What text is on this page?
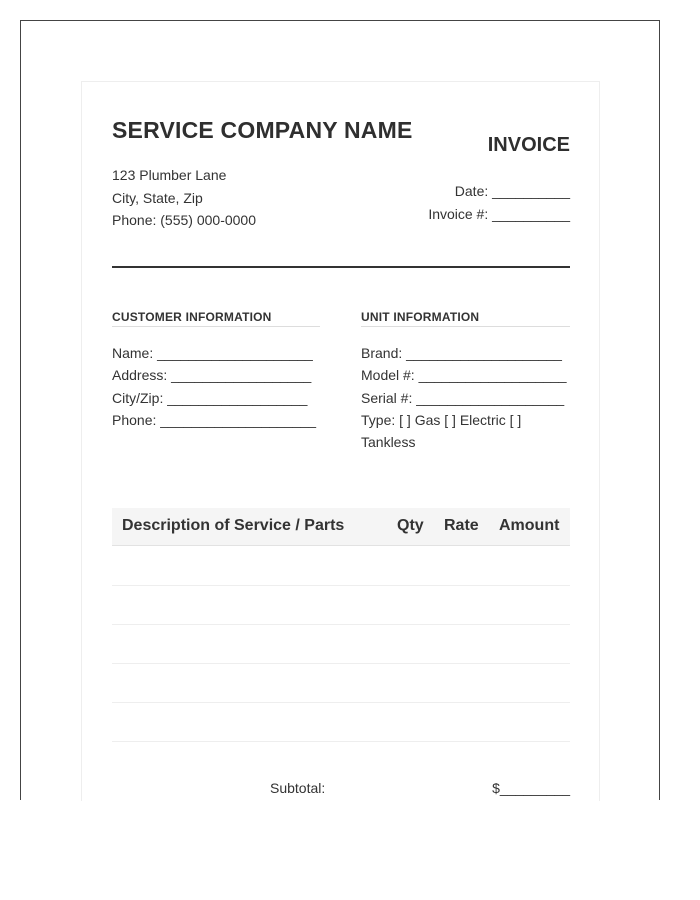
SERVICE COMPANY NAME
INVOICE
123 Plumber Lane
City, State, Zip
Phone: (555) 000-0000
Date: __________
Invoice #: __________
CUSTOMER INFORMATION	UNIT INFORMATION
Name: ____________________
Address: __________________
City/Zip: __________________
Phone: ____________________
Brand: ____________________
Model #: ___________________
Serial #: ___________________
Type: [ ] Gas [ ] Electric [ ]
Tankless
Description of Service / Parts	Qty Rate Amount
Subtotal:	$_________
